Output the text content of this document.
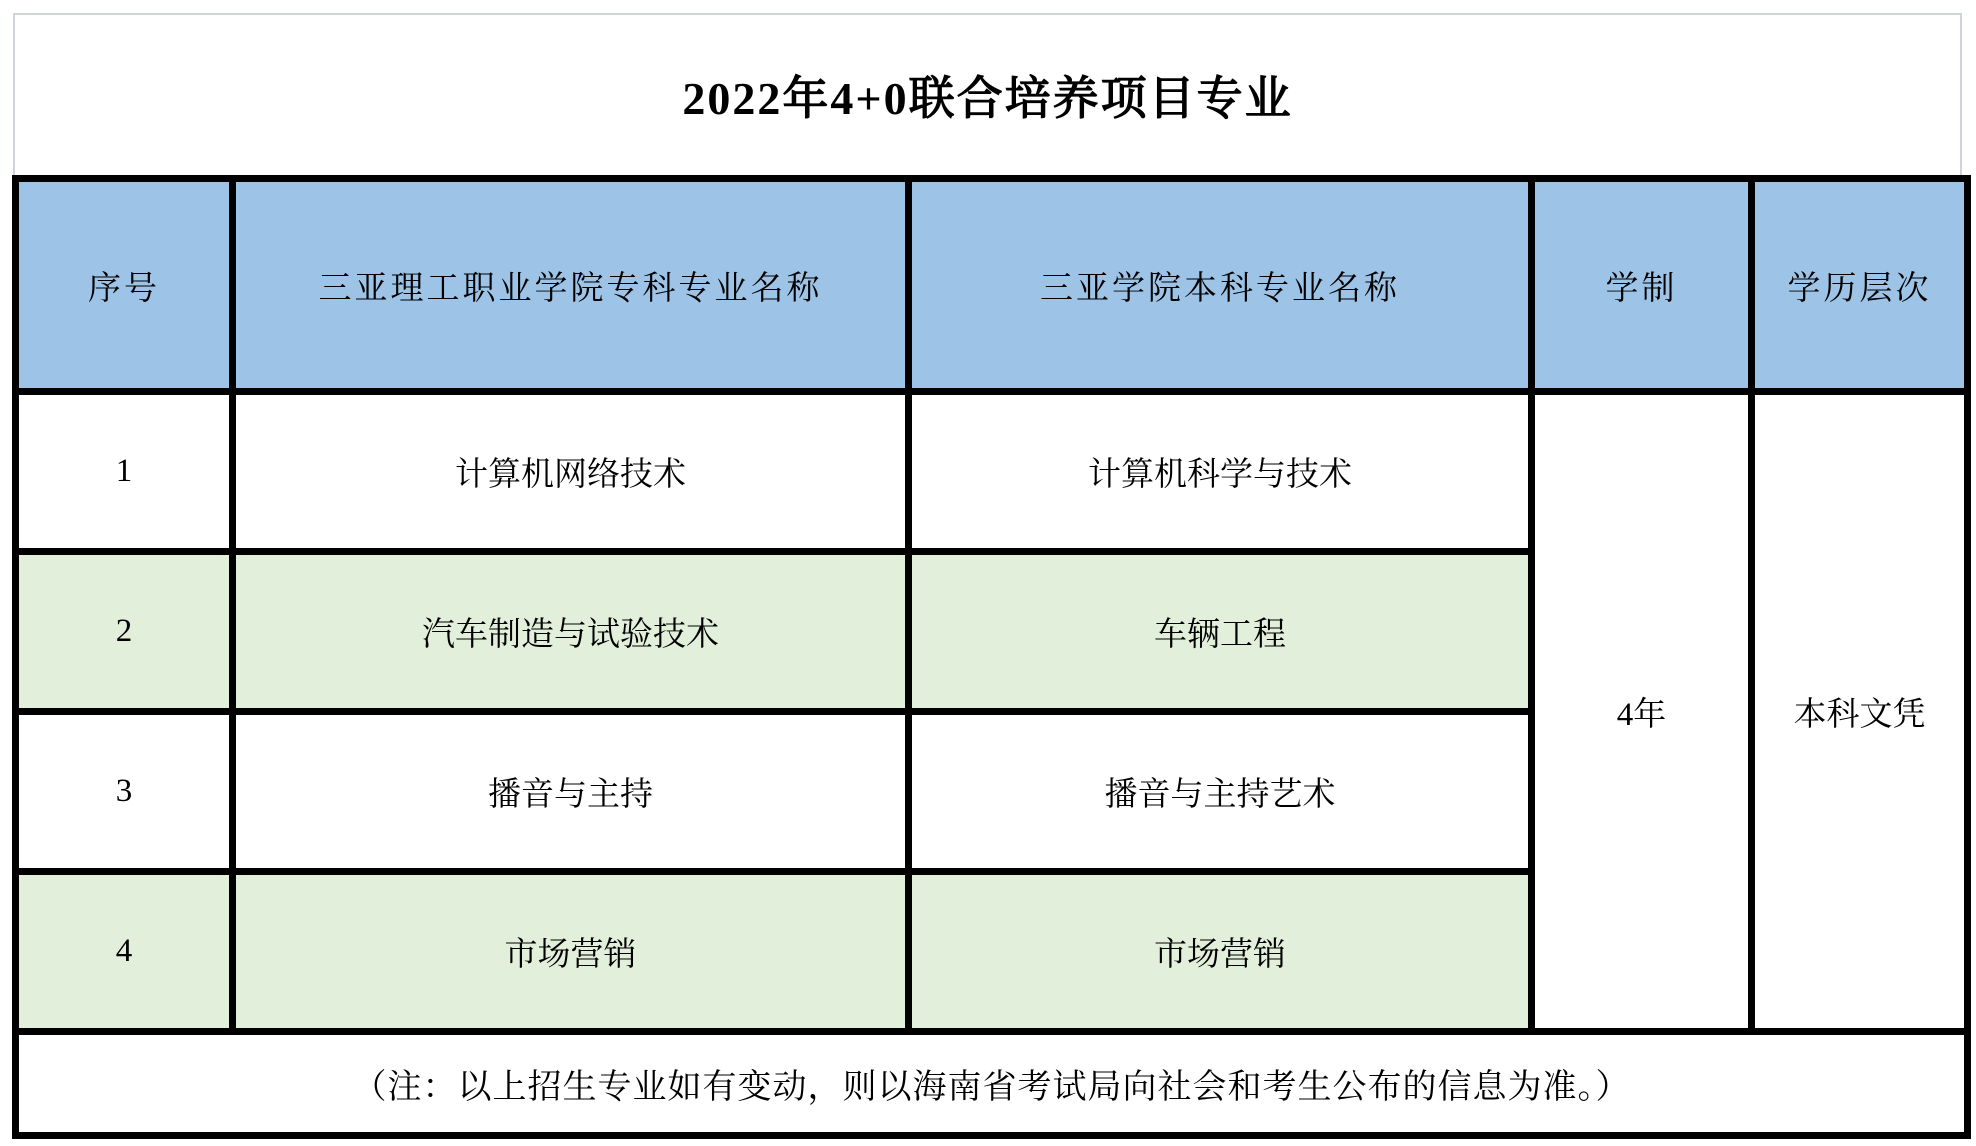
2022年4+0联合培养项目专业
序号	三亚理工职业学院专科专业名称	三亚学院本科专业名称	学制	学历层次
1	计算机网络技术	计算机科学与技术	4年	本科文凭
2	汽车制造与试验技术	车辆工程		
3	播音与主持	播音与主持艺术		
4	市场营销	市场营销		
（注：以上招生专业如有变动，则以海南省考试局向社会和考生公布的信息为准。）				
